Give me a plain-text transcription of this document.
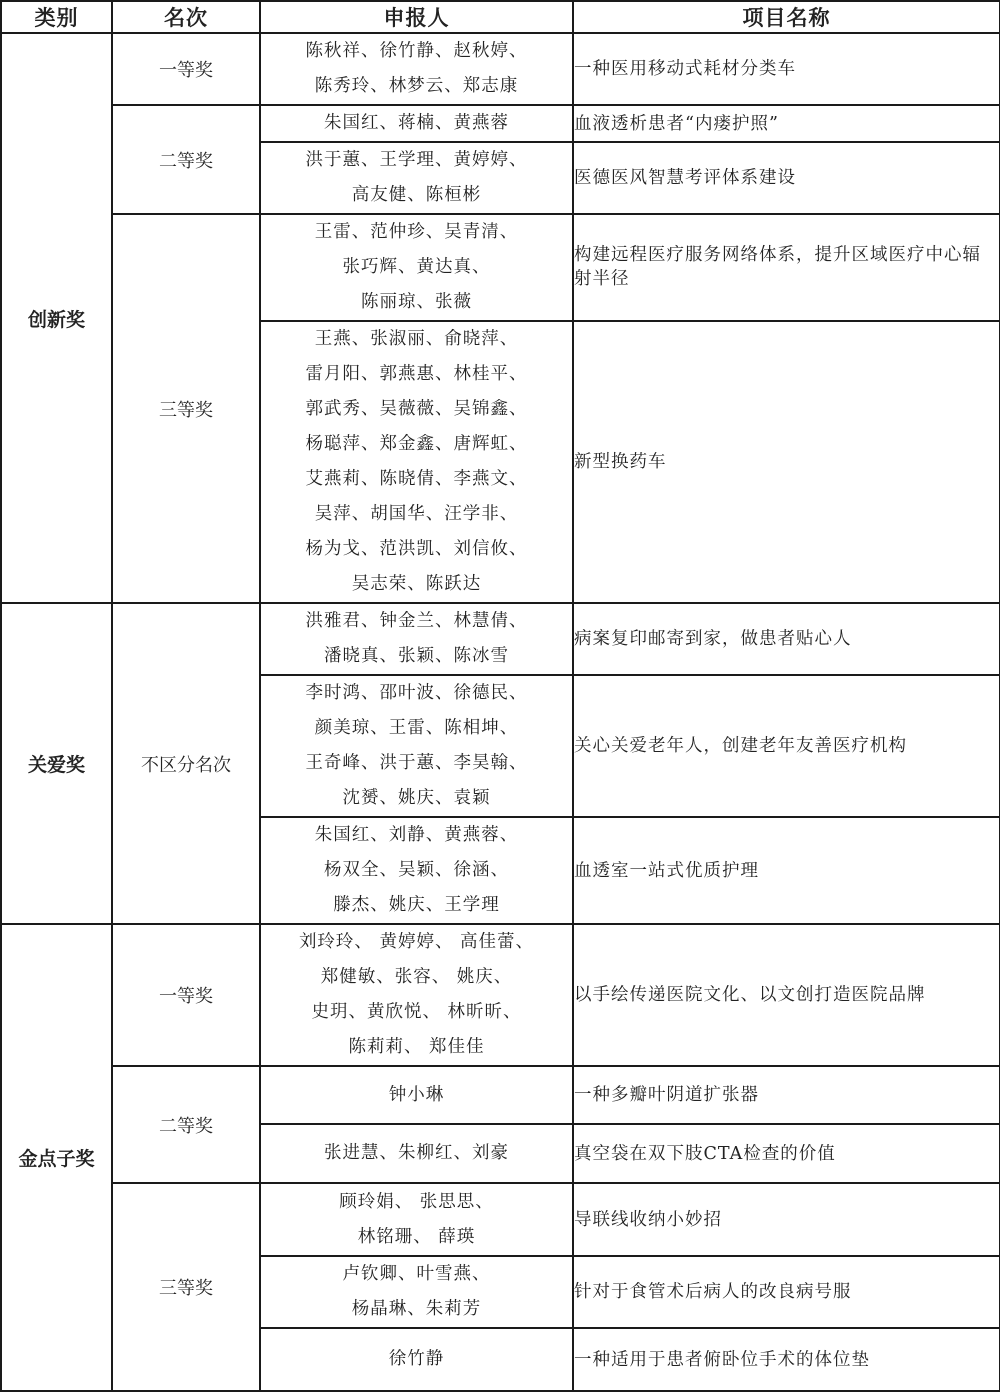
类别	名次	申报人	项目名称
创新奖	一等奖	陈秋祥、徐竹静、赵秋婷、
陈秀玲、林梦云、郑志康	一种医用移动式耗材分类车
	二等奖	朱国红、蒋楠、黄燕蓉	血液透析患者“内瘘护照”

		洪于蕙、王学理、黄婷婷、
高友健、陈桓彬	医德医风智慧考评体系建设
	三等奖	王雷、范仲珍、吴青清、
张巧辉、黄达真、
陈丽琼、张薇	构建远程医疗服务网络体系，提升区域医疗中心辐射半径

王燕、张淑丽、俞晓萍、
雷月阳、郭燕惠、林桂平、
郭武秀、吴薇薇、吴锦鑫、
杨聪萍、郑金鑫、唐辉虹、
艾燕莉、陈晓倩、李燕文、
吴萍、胡国华、汪学非、
杨为戈、范洪凯、刘信攸、
吴志荣、陈跃达
	新型换药车
关爱奖	不区分名次	洪雅君、钟金兰、林慧倩、
潘晓真、张颖、陈冰雪	病案复印邮寄到家，做患者贴心人

		李时鸿、邵叶波、徐德民、
颜美琼、王雷、陈相坤、
王奇峰、洪于蕙、李昊翰、
沈赟、姚庆、袁颖	关心关爱老年人，创建老年友善医疗机构

		朱国红、刘静、黄燕蓉、
杨双全、吴颖、徐涵、
滕杰、姚庆、王学理	血透室一站式优质护理
金点子奖	一等奖	刘玲玲、 黄婷婷、 高佳蕾、
郑健敏、张容、 姚庆、
史玥、黄欣悦、 林昕昕、
陈莉莉、 郑佳佳	以手绘传递医院文化、以文创打造医院品牌
	二等奖	钟小琳	一种多瓣叶阴道扩张器

		张进慧、朱柳红、刘豪	真空袋在双下肢CTA检查的价值
	三等奖	顾玲娟、 张思思、
林铭珊、 薛瑛	导联线收纳小妙招

		卢钦卿、叶雪燕、
杨晶琳、朱莉芳	针对于食管术后病人的改良病号服

		徐竹静	一种适用于患者俯卧位手术的体位垫
